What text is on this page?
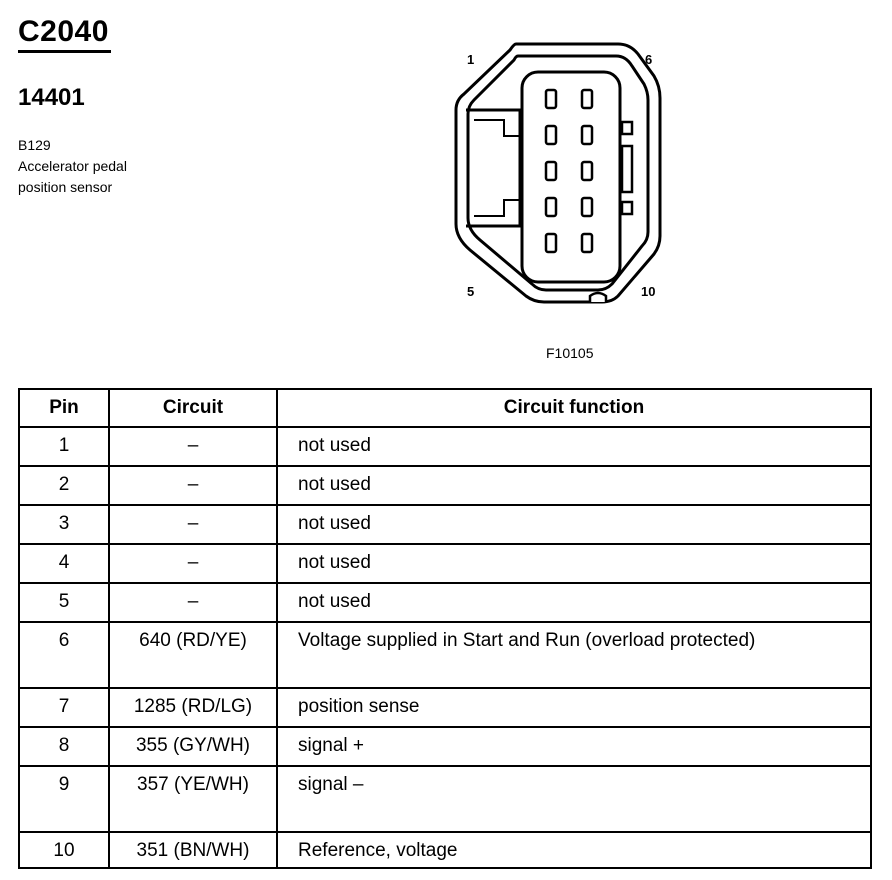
C2040
14401
B129
Accelerator pedal
position sensor
1	6
5	10
F10105
Pin	Circuit	Circuit function
1	–	not used
2	–	not used
3	–	not used
4	–	not used
5	–	not used
6	640 (RD/YE)	Voltage supplied in Start and Run (overload protected)
7	1285 (RD/LG)	position sense
8	355 (GY/WH)	signal +
9	357 (YE/WH)	signal –
10	351 (BN/WH)	Reference, voltage
